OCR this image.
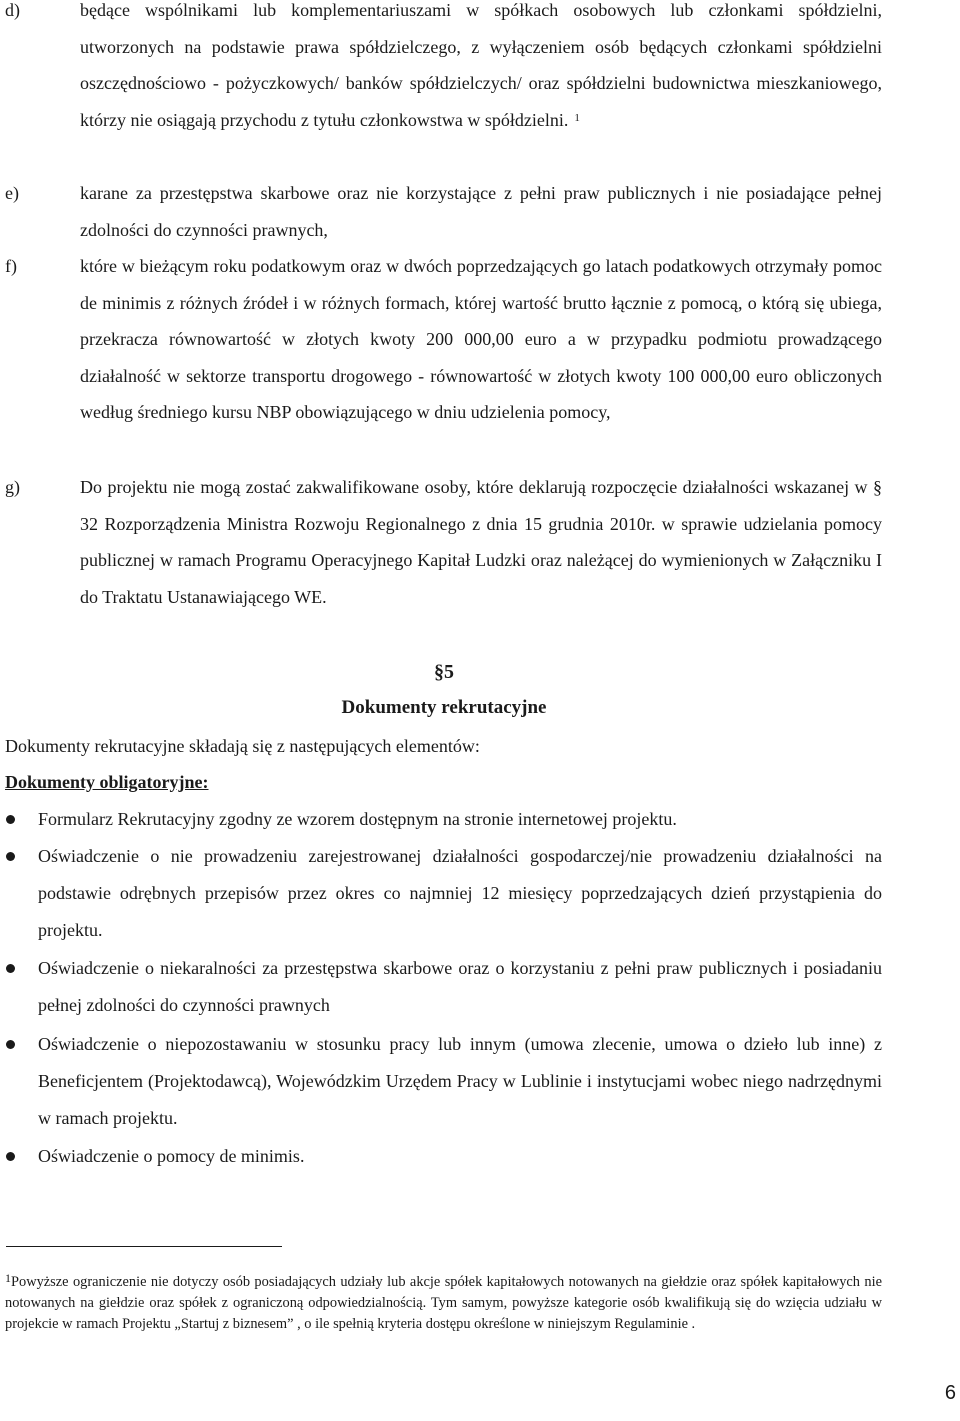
d)	będące wspólnikami lub komplementariuszami w spółkach osobowych lub członkami spółdzielni, utworzonych na podstawie prawa spółdzielczego, z wyłączeniem osób będących członkami spółdzielni oszczędnościowo - pożyczkowych/ banków spółdzielczych/ oraz spółdzielni budownictwa mieszkaniowego, którzy nie osiągają przychodu z tytułu członkowstwa w spółdzielni. $^1$
e)	karane za przestępstwa skarbowe oraz nie korzystające z pełni praw publicznych i nie posiadające pełnej zdolności do czynności prawnych,
f)	które w bieżącym roku podatkowym oraz w dwóch poprzedzających go latach podatkowych otrzymały pomoc de minimis z różnych źródeł i w różnych formach, której wartość brutto łącznie z pomocą, o którą się ubiega, przekracza równowartość w złotych kwoty 200 000,00 euro a w przypadku podmiotu prowadzącego działalność w sektorze transportu drogowego - równowartość w złotych kwoty 100 000,00 euro obliczonych według średniego kursu NBP obowiązującego w dniu udzielenia pomocy,
g)	Do projektu nie mogą zostać zakwalifikowane osoby, które deklarują rozpoczęcie działalności wskazanej w § 32 Rozporządzenia Ministra Rozwoju Regionalnego z dnia 15 grudnia 2010r. w sprawie udzielania pomocy publicznej w ramach Programu Operacyjnego Kapitał Ludzki oraz należącej do wymienionych w Załączniku I do Traktatu Ustanawiającego WE.
§5
Dokumenty rekrutacyjne
Dokumenty rekrutacyjne składają się z następujących elementów:
Dokumenty obligatoryjne:
Formularz Rekrutacyjny zgodny ze wzorem dostępnym na stronie internetowej projektu.
Oświadczenie o nie prowadzeniu zarejestrowanej działalności gospodarczej/nie prowadzeniu działalności na podstawie odrębnych przepisów przez okres co najmniej 12 miesięcy poprzedzających dzień przystąpienia do projektu.
Oświadczenie o niekaralności za przestępstwa skarbowe oraz o korzystaniu z pełni praw publicznych i posiadaniu pełnej zdolności do czynności prawnych
Oświadczenie o niepozostawaniu w stosunku pracy lub innym (umowa zlecenie, umowa o dzieło lub inne) z Beneficjentem (Projektodawcą), Wojewódzkim Urzędem Pracy w Lublinie i instytucjami wobec niego nadrzędnymi w ramach projektu.
Oświadczenie o pomocy de minimis.
$^1$Powyższe ograniczenie nie dotyczy osób posiadających udziały lub akcje spółek kapitałowych notowanych na giełdzie oraz spółek kapitałowych nie notowanych na giełdzie oraz spółek z ograniczoną odpowiedzialnością. Tym samym, powyższe kategorie osób kwalifikują się do wzięcia udziału w projekcie w ramach Projektu „Startuj z biznesem” , o ile spełnią kryteria dostępu określone w niniejszym Regulaminie .
6
